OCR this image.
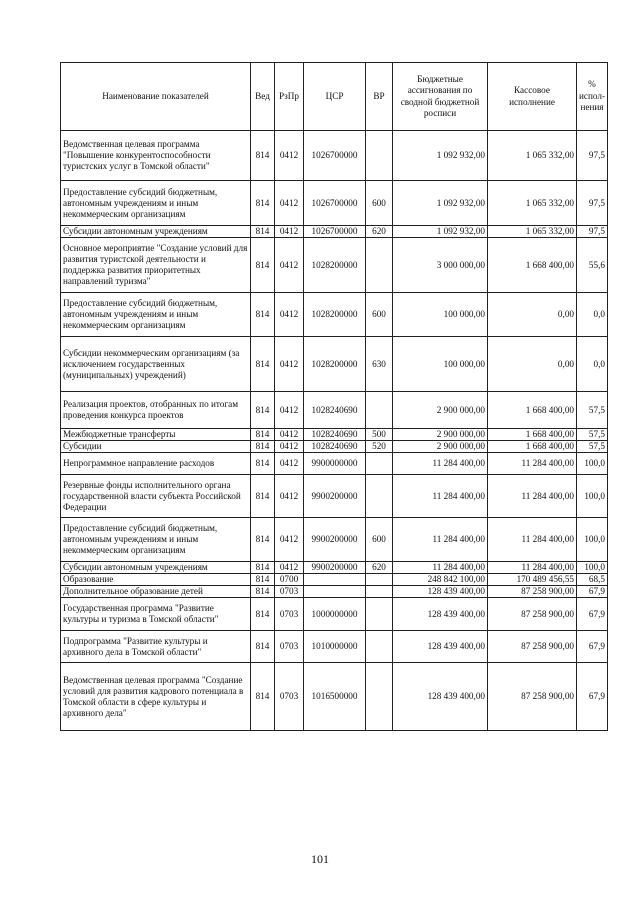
Наименование показателей	Вед	РзПр	ЦСР	ВР	Бюджетные ассигнования по сводной бюджетной росписи	Кассовое исполнение	% испол-нения
Ведомственная целевая программа "Повышение конкурентоспособности туристских услуг в Томской области"	814	0412	1026700000		1 092 932,00	1 065 332,00	97,5
Предоставление субсидий бюджетным, автономным учреждениям и иным некоммерческим организациям	814	0412	1026700000	600	1 092 932,00	1 065 332,00	97,5
Субсидии автономным учреждениям	814	0412	1026700000	620	1 092 932,00	1 065 332,00	97,5
Основное мероприятие "Создание условий для развития туристской деятельности и поддержка развития приоритетных направлений туризма"	814	0412	1028200000		3 000 000,00	1 668 400,00	55,6
Предоставление субсидий бюджетным, автономным учреждениям и иным некоммерческим организациям	814	0412	1028200000	600	100 000,00	0,00	0,0
Субсидии некоммерческим организациям (за исключением государственных (муниципальных) учреждений)	814	0412	1028200000	630	100 000,00	0,00	0,0
Реализация проектов, отобранных по итогам проведения конкурса проектов	814	0412	1028240690		2 900 000,00	1 668 400,00	57,5
Межбюджетные трансферты	814	0412	1028240690	500	2 900 000,00	1 668 400,00	57,5
Субсидии	814	0412	1028240690	520	2 900 000,00	1 668 400,00	57,5
Непрограммное направление расходов	814	0412	9900000000		11 284 400,00	11 284 400,00	100,0
Резервные фонды исполнительного органа государственной власти субъекта Российской Федерации	814	0412	9900200000		11 284 400,00	11 284 400,00	100,0
Предоставление субсидий бюджетным, автономным учреждениям и иным некоммерческим организациям	814	0412	9900200000	600	11 284 400,00	11 284 400,00	100,0
Субсидии автономным учреждениям	814	0412	9900200000	620	11 284 400,00	11 284 400,00	100,0
Образование	814	0700			248 842 100,00	170 489 456,55	68,5
Дополнительное образование детей	814	0703			128 439 400,00	87 258 900,00	67,9
Государственная программа "Развитие культуры и туризма в Томской области"	814	0703	1000000000		128 439 400,00	87 258 900,00	67,9
Подпрограмма "Развитие культуры и архивного дела в Томской области"	814	0703	1010000000		128 439 400,00	87 258 900,00	67,9
Ведомственная целевая программа "Создание условий для развития кадрового потенциала в Томской области в сфере культуры и архивного дела"	814	0703	1016500000		128 439 400,00	87 258 900,00	67,9
101
